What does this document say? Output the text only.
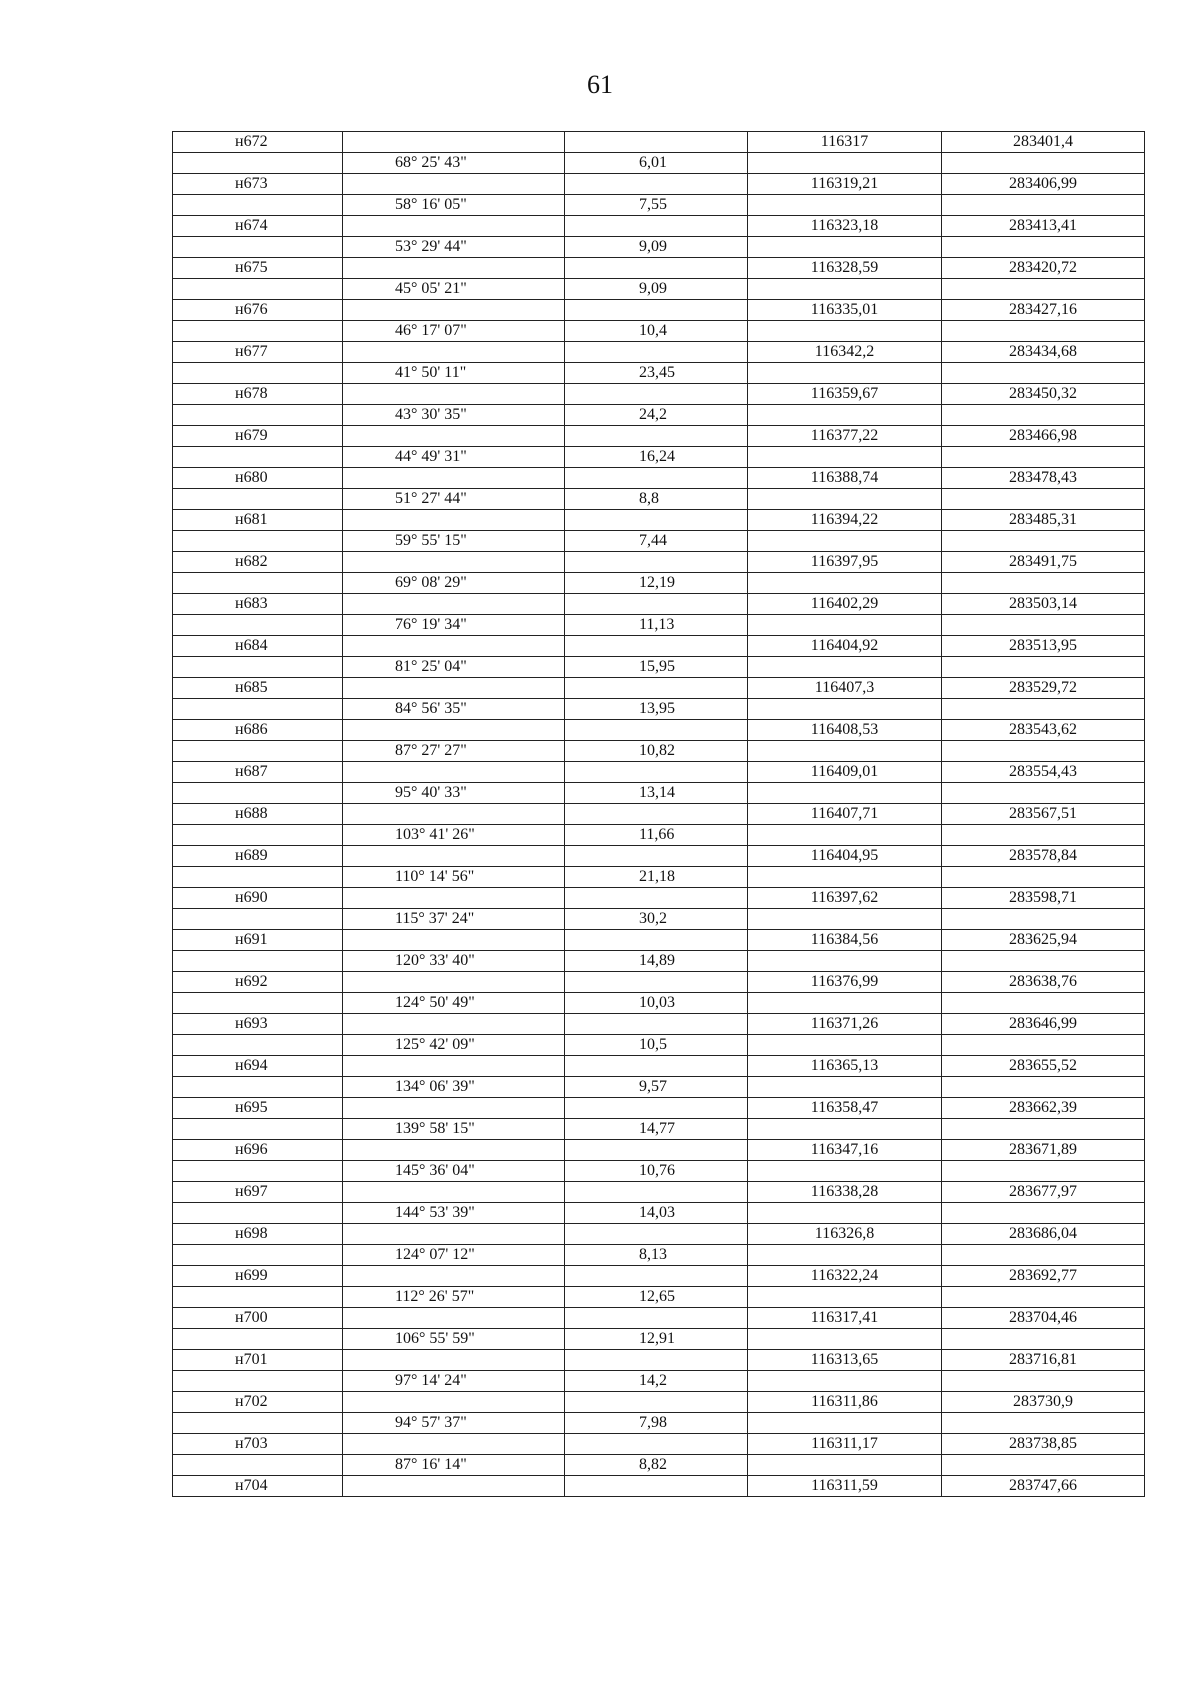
61
н672			116317	283401,4
	68° 25' 43"	6,01		
н673			116319,21	283406,99
	58° 16' 05"	7,55		
н674			116323,18	283413,41
	53° 29' 44"	9,09		
н675			116328,59	283420,72
	45° 05' 21"	9,09		
н676			116335,01	283427,16
	46° 17' 07"	10,4		
н677			116342,2	283434,68
	41° 50' 11"	23,45		
н678			116359,67	283450,32
	43° 30' 35"	24,2		
н679			116377,22	283466,98
	44° 49' 31"	16,24		
н680			116388,74	283478,43
	51° 27' 44"	8,8		
н681			116394,22	283485,31
	59° 55' 15"	7,44		
н682			116397,95	283491,75
	69° 08' 29"	12,19		
н683			116402,29	283503,14
	76° 19' 34"	11,13		
н684			116404,92	283513,95
	81° 25' 04"	15,95		
н685			116407,3	283529,72
	84° 56' 35"	13,95		
н686			116408,53	283543,62
	87° 27' 27"	10,82		
н687			116409,01	283554,43
	95° 40' 33"	13,14		
н688			116407,71	283567,51
	103° 41' 26"	11,66		
н689			116404,95	283578,84
	110° 14' 56"	21,18		
н690			116397,62	283598,71
	115° 37' 24"	30,2		
н691			116384,56	283625,94
	120° 33' 40"	14,89		
н692			116376,99	283638,76
	124° 50' 49"	10,03		
н693			116371,26	283646,99
	125° 42' 09"	10,5		
н694			116365,13	283655,52
	134° 06' 39"	9,57		
н695			116358,47	283662,39
	139° 58' 15"	14,77		
н696			116347,16	283671,89
	145° 36' 04"	10,76		
н697			116338,28	283677,97
	144° 53' 39"	14,03		
н698			116326,8	283686,04
	124° 07' 12"	8,13		
н699			116322,24	283692,77
	112° 26' 57"	12,65		
н700			116317,41	283704,46
	106° 55' 59"	12,91		
н701			116313,65	283716,81
	97° 14' 24"	14,2		
н702			116311,86	283730,9
	94° 57' 37"	7,98		
н703			116311,17	283738,85
	87° 16' 14"	8,82		
н704			116311,59	283747,66
